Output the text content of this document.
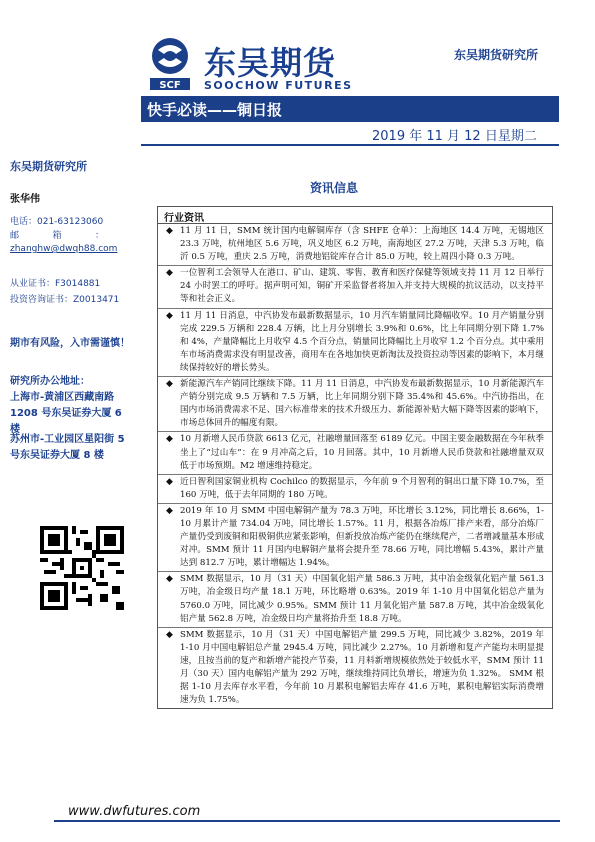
SCF
东吴期货
SOOCHOW FUTURES
东吴期货研究所
快手必读——铜日报
2019 年 11 月 12 日星期二
东吴期货研究所
张华伟
电话：021-63123060
邮　　　　箱　　　　：
zhanghw@dwqh88.com
从业证书：F3014881
投资咨询证书：Z0013471
期市有风险，入市需谨慎！
研究所办公地址：
上海市-黄浦区西藏南路1208 号东吴证券大厦 6 楼
苏州市-工业园区星阳街 5 号东吴证券大厦 8 楼
资讯信息
行业资讯
◆ 11 月 11 日，SMM 统计国内电解铜库存（含 SHFE 仓单）：上海地区 14.4 万吨，无锡地区 23.3 万吨，杭州地区 5.6 万吨，巩义地区 6.2 万吨，南海地区 27.2 万吨，天津 5.3 万吨，临沂 0.5 万吨，重庆 2.5 万吨，消费地铝锭库存合计 85.0 万吨，较上周四小降 0.3 万吨。
◆ 一位智利工会领导人在港口、矿山、建筑、零售、教育和医疗保健等领域支持 11 月 12 日举行 24 小时罢工的呼吁。据声明可知，铜矿开采监督者将加入并支持大规模的抗议活动，以支持平等和社会正义。
◆ 11 月 11 日消息，中汽协发布最新数据显示，10 月汽车销量同比降幅收窄。10 月产销量分别完成 229.5 万辆和 228.4 万辆，比上月分别增长 3.9%和 0.6%，比上年同期分别下降 1.7%和 4%，产量降幅比上月收窄 4.5 个百分点，销量同比降幅比上月收窄 1.2 个百分点。其中乘用车市场消费需求没有明显改善，商用车在各地加快更新淘汰及投资拉动等因素的影响下，本月继续保持较好的增长势头。
◆ 新能源汽车产销同比继续下降。11 月 11 日消息，中汽协发布最新数据显示，10 月新能源汽车产销分别完成 9.5 万辆和 7.5 万辆，比上年同期分别下降 35.4%和 45.6%。中汽协指出，在国内市场消费需求不足、国六标准带来的技术升级压力、新能源补贴大幅下降等因素的影响下，市场总体回升的幅度有限。
◆ 10 月新增人民币贷款 6613 亿元，社融增量回落至 6189 亿元。中国主要金融数据在今年秋季坐上了“过山车”：在 9 月冲高之后，10 月回落。其中，10 月新增人民币贷款和社融增量双双低于市场预期。M2 增速维持稳定。
◆ 近日智利国家铜业机构 Cochilco 的数据显示，今年前 9 个月智利的铜出口量下降 10.7%，至 160 万吨，低于去年同期的 180 万吨。
◆ 2019 年 10 月 SMM 中国电解铜产量为 78.3 万吨，环比增长 3.12%，同比增长 8.66%，1-10 月累计产量 734.04 万吨，同比增长 1.57%。11 月，根据各冶炼厂排产来看，部分冶炼厂产量仍受到废铜和阳极铜供应紧张影响，但新投放冶炼产能仍在继续爬产，二者增减量基本形成对冲。SMM 预计 11 月国内电解铜产量将会提升至 78.66 万吨，同比增幅 5.43%，累计产量达到 812.7 万吨，累计增幅达 1.94%。
◆ SMM 数据显示，10 月（31 天）中国氧化铝产量 586.3 万吨，其中冶金级氧化铝产量 561.3 万吨，冶金级日均产量 18.1 万吨，环比略增 0.63%。2019 年 1-10 月中国氧化铝总产量为 5760.0 万吨，同比减少 0.95%。SMM 预计 11 月氧化铝产量 587.8 万吨，其中冶金级氧化铝产量 562.8 万吨，冶金级日均产量将抬升至 18.8 万吨。
◆ SMM 数据显示，10 月（31 天）中国电解铝产量 299.5 万吨，同比减少 3.82%，2019 年 1-10 月中国电解铝总产量 2945.4 万吨，同比减少 2.27%。10 月新增和复产产能均未明显提速，且按当前的复产和新增产能投产节奏，11 月料新增规模依然处于较低水平，SMM 预计 11 月（30 天）国内电解铝产量为 292 万吨，继续维持同比负增长，增速为负 1.32%。 SMM 根据 1-10 月去库存水平看，今年前 10 月累积电解铝去库存 41.6 万吨，累积电解铝实际消费增速为负 1.75%。
www.dwfutures.com
